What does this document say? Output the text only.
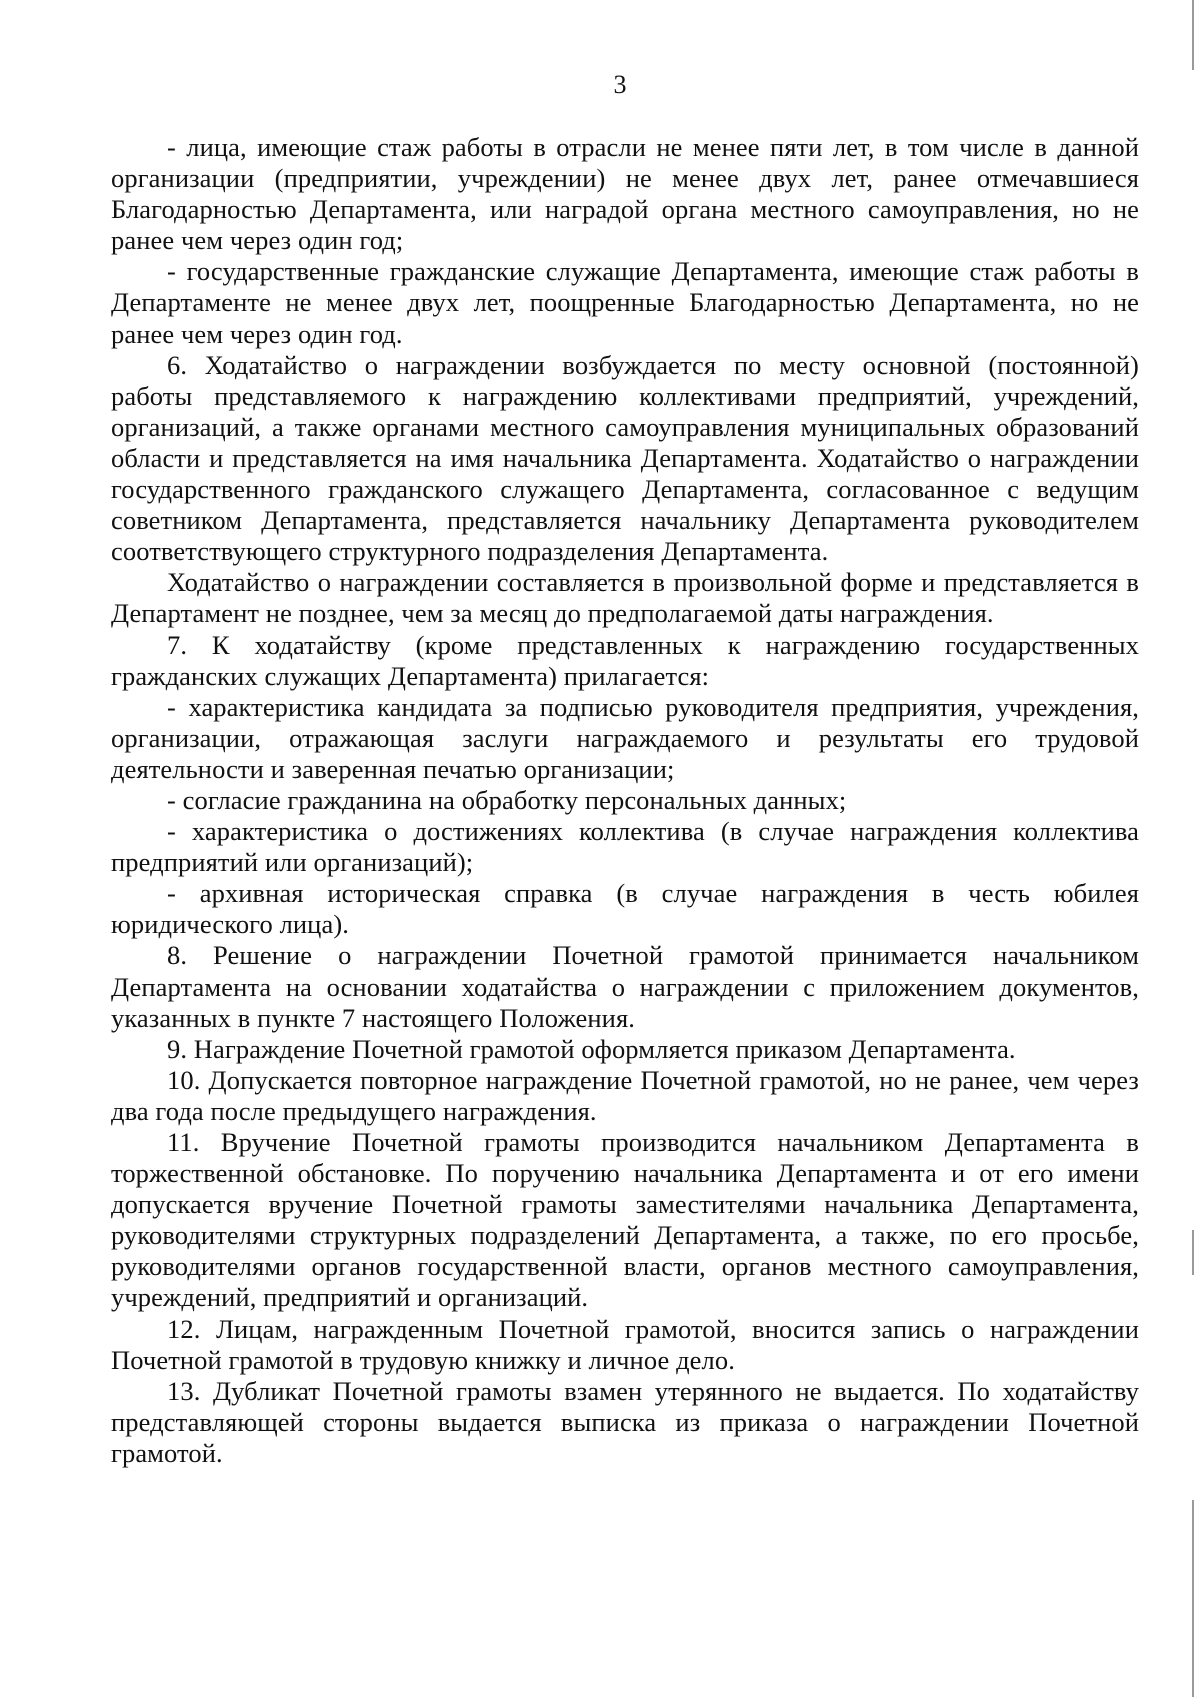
3

- лица, имеющие стаж работы в отрасли не менее пяти лет, в том числе в данной организации (предприятии, учреждении) не менее двух лет, ранее отмечавшиеся Благодарностью Департамента, или наградой органа местного самоуправления, но не ранее чем через один год;

- государственные гражданские служащие Департамента, имеющие стаж работы в Департаменте не менее двух лет, поощренные Благодарностью Департамента, но не ранее чем через один год.

6. Ходатайство о награждении возбуждается по месту основной (постоянной) работы представляемого к награждению коллективами предприятий, учреждений, организаций, а также органами местного самоуправления муниципальных образований области и представляется на имя начальника Департамента. Ходатайство о награждении государственного гражданского служащего Департамента, согласованное с ведущим советником Департамента, представляется начальнику Департамента руководителем соответствующего структурного подразделения Департамента.

Ходатайство о награждении составляется в произвольной форме и представляется в Департамент не позднее, чем за месяц до предполагаемой даты награждения.

7. К ходатайству (кроме представленных к награждению государственных гражданских служащих Департамента) прилагается:

- характеристика кандидата за подписью руководителя предприятия, учреждения, организации, отражающая заслуги награждаемого и результаты его трудовой деятельности и заверенная печатью организации;

- согласие гражданина на обработку персональных данных;

- характеристика о достижениях коллектива (в случае награждения коллектива предприятий или организаций);

- архивная историческая справка (в случае награждения в честь юбилея юридического лица).

8. Решение о награждении Почетной грамотой принимается начальником Департамента на основании ходатайства о награждении с приложением документов, указанных в пункте 7 настоящего Положения.

9. Награждение Почетной грамотой оформляется приказом Департамента.

10. Допускается повторное награждение Почетной грамотой, но не ранее, чем через два года после предыдущего награждения.

11. Вручение Почетной грамоты производится начальником Департамента в торжественной обстановке. По поручению начальника Департамента и от его имени допускается вручение Почетной грамоты заместителями начальника Департамента, руководителями структурных подразделений Департамента, а также, по его просьбе, руководителями органов государственной власти, органов местного самоуправления, учреждений, предприятий и организаций.

12. Лицам, награжденным Почетной грамотой, вносится запись о награждении Почетной грамотой в трудовую книжку и личное дело.

13. Дубликат Почетной грамоты взамен утерянного не выдается. По ходатайству представляющей стороны выдается выписка из приказа о награждении Почетной грамотой.
